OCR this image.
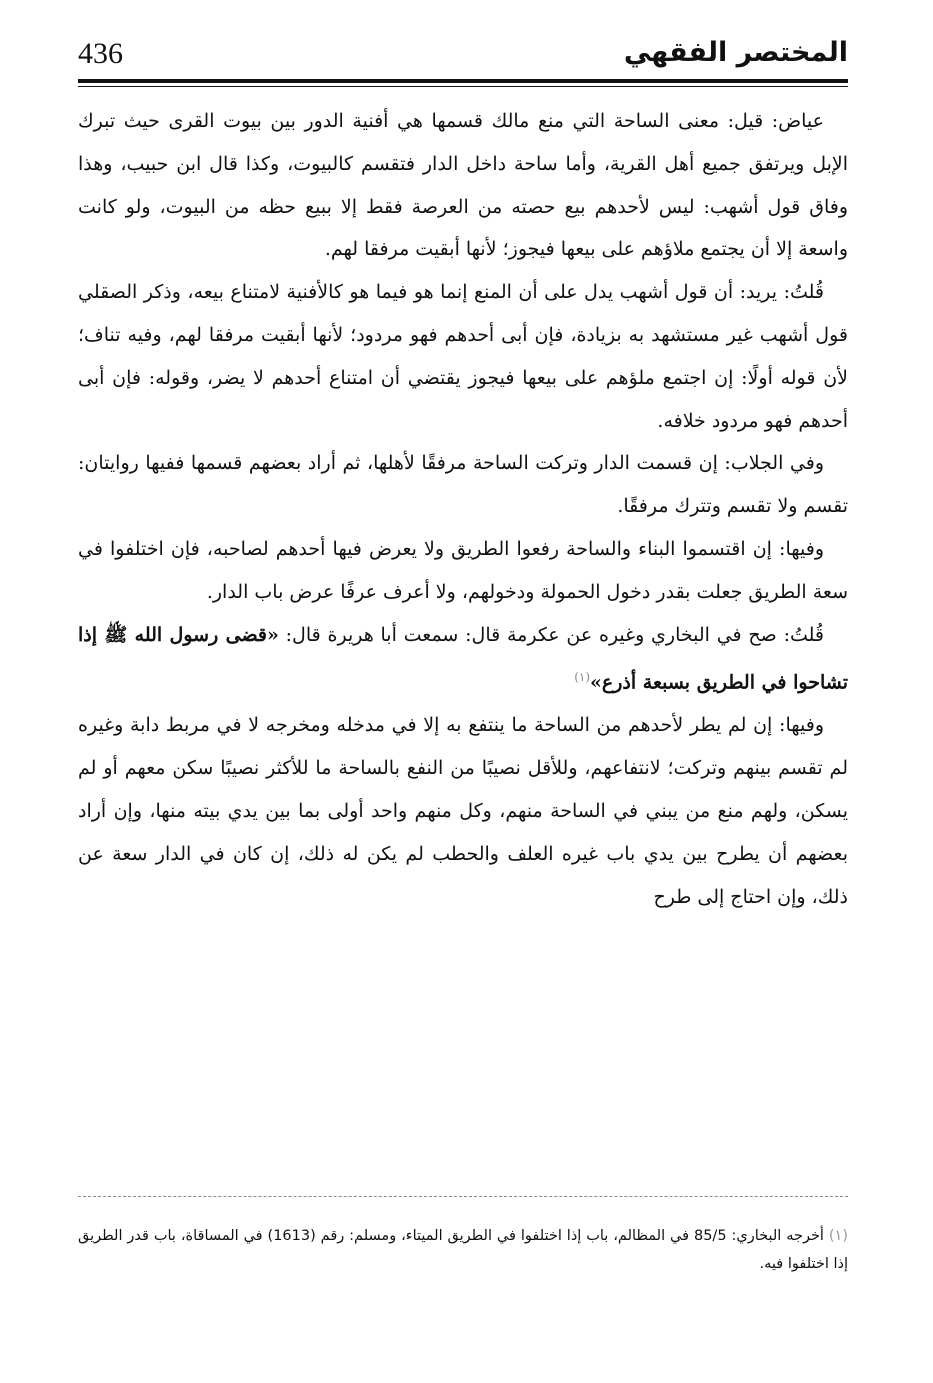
436	المختصر الفقهي

عياض: قيل: معنى الساحة التي منع مالك قسمها هي أفنية الدور بين بيوت القرى حيث تبرك الإبل ويرتفق جميع أهل القرية، وأما ساحة داخل الدار فتقسم كالبيوت، وكذا قال ابن حبيب، وهذا وفاق قول أشهب: ليس لأحدهم بيع حصته من العرصة فقط إلا ببيع حظه من البيوت، ولو كانت واسعة إلا أن يجتمع ملاؤهم على بيعها فيجوز؛ لأنها أبقيت مرفقا لهم.

قُلتُ: يريد: أن قول أشهب يدل على أن المنع إنما هو فيما هو كالأفنية لامتناع بيعه، وذكر الصقلي قول أشهب غير مستشهد به بزيادة، فإن أبى أحدهم فهو مردود؛ لأنها أبقيت مرفقا لهم، وفيه تناف؛ لأن قوله أولًا: إن اجتمع ملؤهم على بيعها فيجوز يقتضي أن امتناع أحدهم لا يضر، وقوله: فإن أبى أحدهم فهو مردود خلافه.

وفي الجلاب: إن قسمت الدار وتركت الساحة مرفقًا لأهلها، ثم أراد بعضهم قسمها ففيها روايتان: تقسم ولا تقسم وتترك مرفقًا.

وفيها: إن اقتسموا البناء والساحة رفعوا الطريق ولا يعرض فيها أحدهم لصاحبه، فإن اختلفوا في سعة الطريق جعلت بقدر دخول الحمولة ودخولهم، ولا أعرف عرفًا عرض باب الدار.

قُلتُ: صح في البخاري وغيره عن عكرمة قال: سمعت أبا هريرة قال: «قضى رسول الله ﷺ إذا تشاحوا في الطريق بسبعة أذرع»$^{(١)}$

وفيها: إن لم يطر لأحدهم من الساحة ما ينتفع به إلا في مدخله ومخرجه لا في مربط دابة وغيره لم تقسم بينهم وتركت؛ لانتفاعهم، وللأقل نصيبًا من النفع بالساحة ما للأكثر نصيبًا سكن معهم أو لم يسكن، ولهم منع من يبني في الساحة منهم، وكل منهم واحد أولى بما بين يدي بيته منها، وإن أراد بعضهم أن يطرح بين يدي باب غيره العلف والحطب لم يكن له ذلك، إن كان في الدار سعة عن ذلك، وإن احتاج إلى طرح

(١) أخرجه البخاري: 85/5 في المظالم، باب إذا اختلفوا في الطريق الميتاء، ومسلم: رقم (1613) في المساقاة، باب قدر الطريق إذا اختلفوا فيه.
